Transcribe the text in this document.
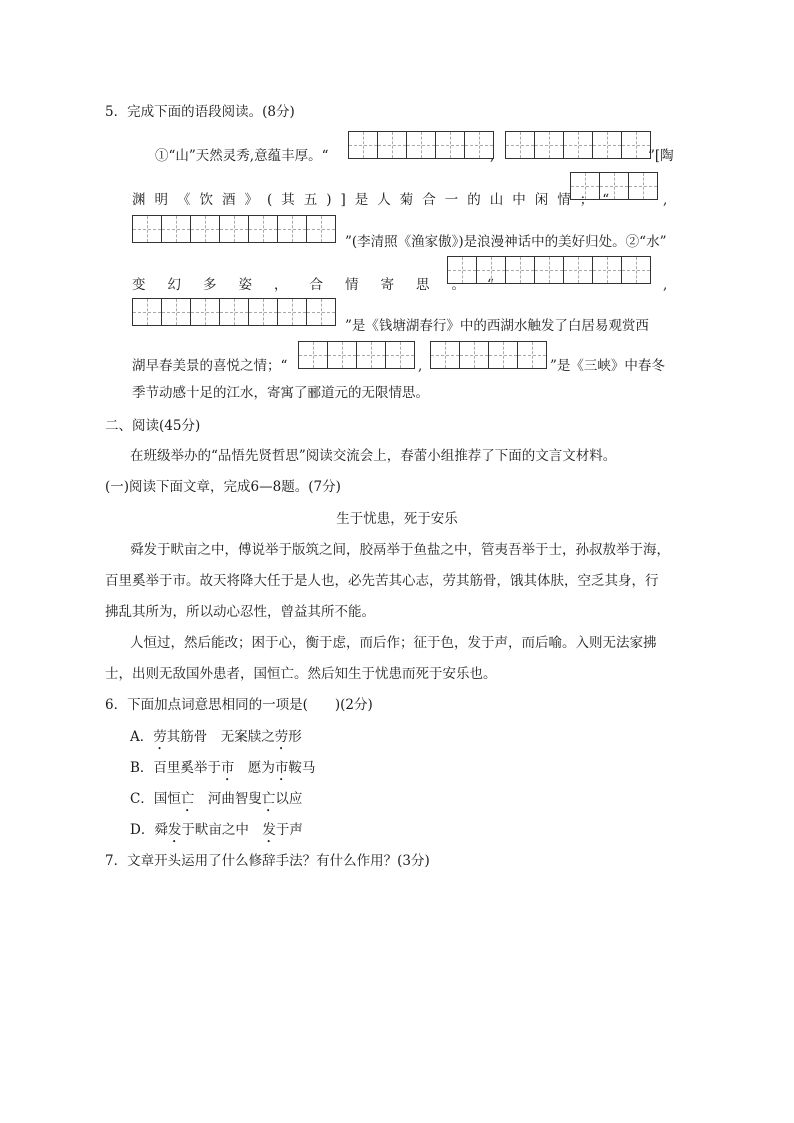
5．完成下面的语段阅读。(8分)
①“山”天然灵秀,意蕴丰厚。“	,	”[陶
渊明《饮酒》(其五)]是人菊合一的山中闲情；“	,
”(李清照《渔家傲》)是浪漫神话中的美好归处。②“水”
变幻多姿，合情寄思。“	,
”是《钱塘湖春行》中的西湖水触发了白居易观赏西
湖早春美景的喜悦之情；“	,	”是《三峡》中春冬
季节动感十足的江水，寄寓了郦道元的无限情思。
二、阅读(45分)
在班级举办的“品悟先贤哲思”阅读交流会上，春蕾小组推荐了下面的文言文材料。
(一)阅读下面文章，完成6—8题。(7分)
生于忧患，死于安乐
舜发于畎亩之中，傅说举于版筑之间，胶鬲举于鱼盐之中，管夷吾举于士，孙叔敖举于海，
百里奚举于市。故天将降大任于是人也，必先苦其心志，劳其筋骨，饿其体肤，空乏其身，行
拂乱其所为，所以动心忍性，曾益其所不能。
人恒过，然后能改；困于心，衡于虑，而后作；征于色，发于声，而后喻。入则无法家拂
士，出则无敌国外患者，国恒亡。然后知生于忧患而死于安乐也。
6．下面加点词意思相同的一项是(　　)(2分)
A．劳其筋骨　无案牍之劳形
B．百里奚举于市　愿为市鞍马
C．国恒亡　河曲智叟亡以应
D．舜发于畎亩之中　发于声
7．文章开头运用了什么修辞手法？有什么作用？(3分)
